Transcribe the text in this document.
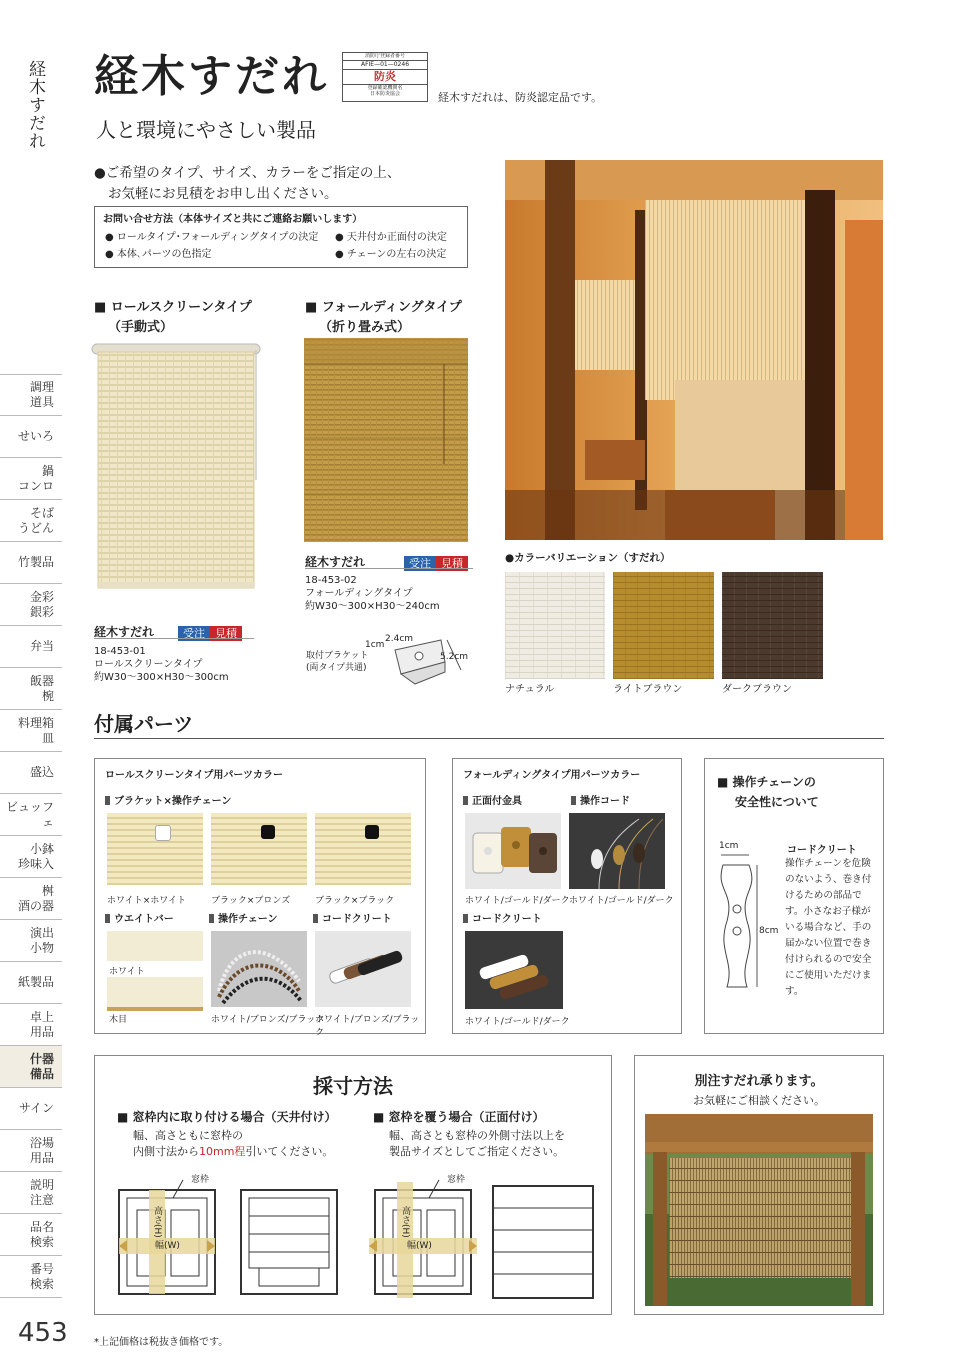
経木すだれ
調理
道具
せいろ
鍋
コンロ
そば
うどん
竹製品
金彩
銀彩
弁当
飯器
椀
料理箱
皿
盛込
ビュッフェ
小鉢
珍味入
桝
酒の器
演出
小物
紙製品
卓上
用品
什器
備品
サイン
浴場
用品
説明
注意
品名
検索
番号
検索
453
経木すだれ
人と環境にやさしい製品
消防庁登録者番号
AFIE—01—0246
防炎
登録確認機関名
日本防炎協会	経木すだれは、防炎認定品です。
●ご希望のタイプ、サイズ、カラーをご指定の上、
お気軽にお見積をお申し出ください。
お問い合せ方法（本体サイズと共にご連絡お願いします）
● ロールタイプ･フォールディングタイプの決定 ● 天井付か正面付の決定
● 本体､パーツの色指定	● チェーンの左右の決定
■ ロールスクリーンタイプ
（手動式）
経木すだれ	受注 見積
18-453-01
ロールスクリーンタイプ
約W30〜300×H30〜300cm
■ フォールディングタイプ
（折り畳み式）
経木すだれ	受注 見積
18-453-02
フォールディングタイプ
約W30〜300×H30〜240cm
取付ブラケット
(両タイプ共通)
1cm
2.4cm
5.2cm
●カラーバリエーション（すだれ）
ナチュラル	ライトブラウン	ダークブラウン
付属パーツ
ロールスクリーンタイプ用パーツカラー
ブラケット×操作チェーン
ホワイト×ホワイト	ブラック×ブロンズ	ブラック×ブラック
ウエイトバー
ホワイト
木目
操作チェーン
ホワイト/ブロンズ/ブラック
コードクリート
ホワイト/ブロンズ/ブラック
フォールディングタイプ用パーツカラー
正面付金具
ホワイト/ゴールド/ダーク
操作コード
ホワイト/ゴールド/ダーク
コードクリート
ホワイト/ゴールド/ダーク
■ 操作チェーンの
安全性について
1cm
8cm
コードクリート
操作チェーンを危険のないよう、巻き付けるための部品です。小さなお子様がいる場合など、手の届かない位置で巻き付けられるので安全にご使用いただけます。
採寸方法
■ 窓枠内に取り付ける場合（天井付け）
幅、高さともに窓枠の
内側寸法から10mm程引いてください。
窓枠
高さ(H)
幅(W)
■ 窓枠を覆う場合（正面付け）
幅、高さとも窓枠の外側寸法以上を
製品サイズとしてご指定ください。
窓枠
高さ(H)
幅(W)
別注すだれ承ります。
お気軽にご相談ください。
*上記価格は税抜き価格です。
